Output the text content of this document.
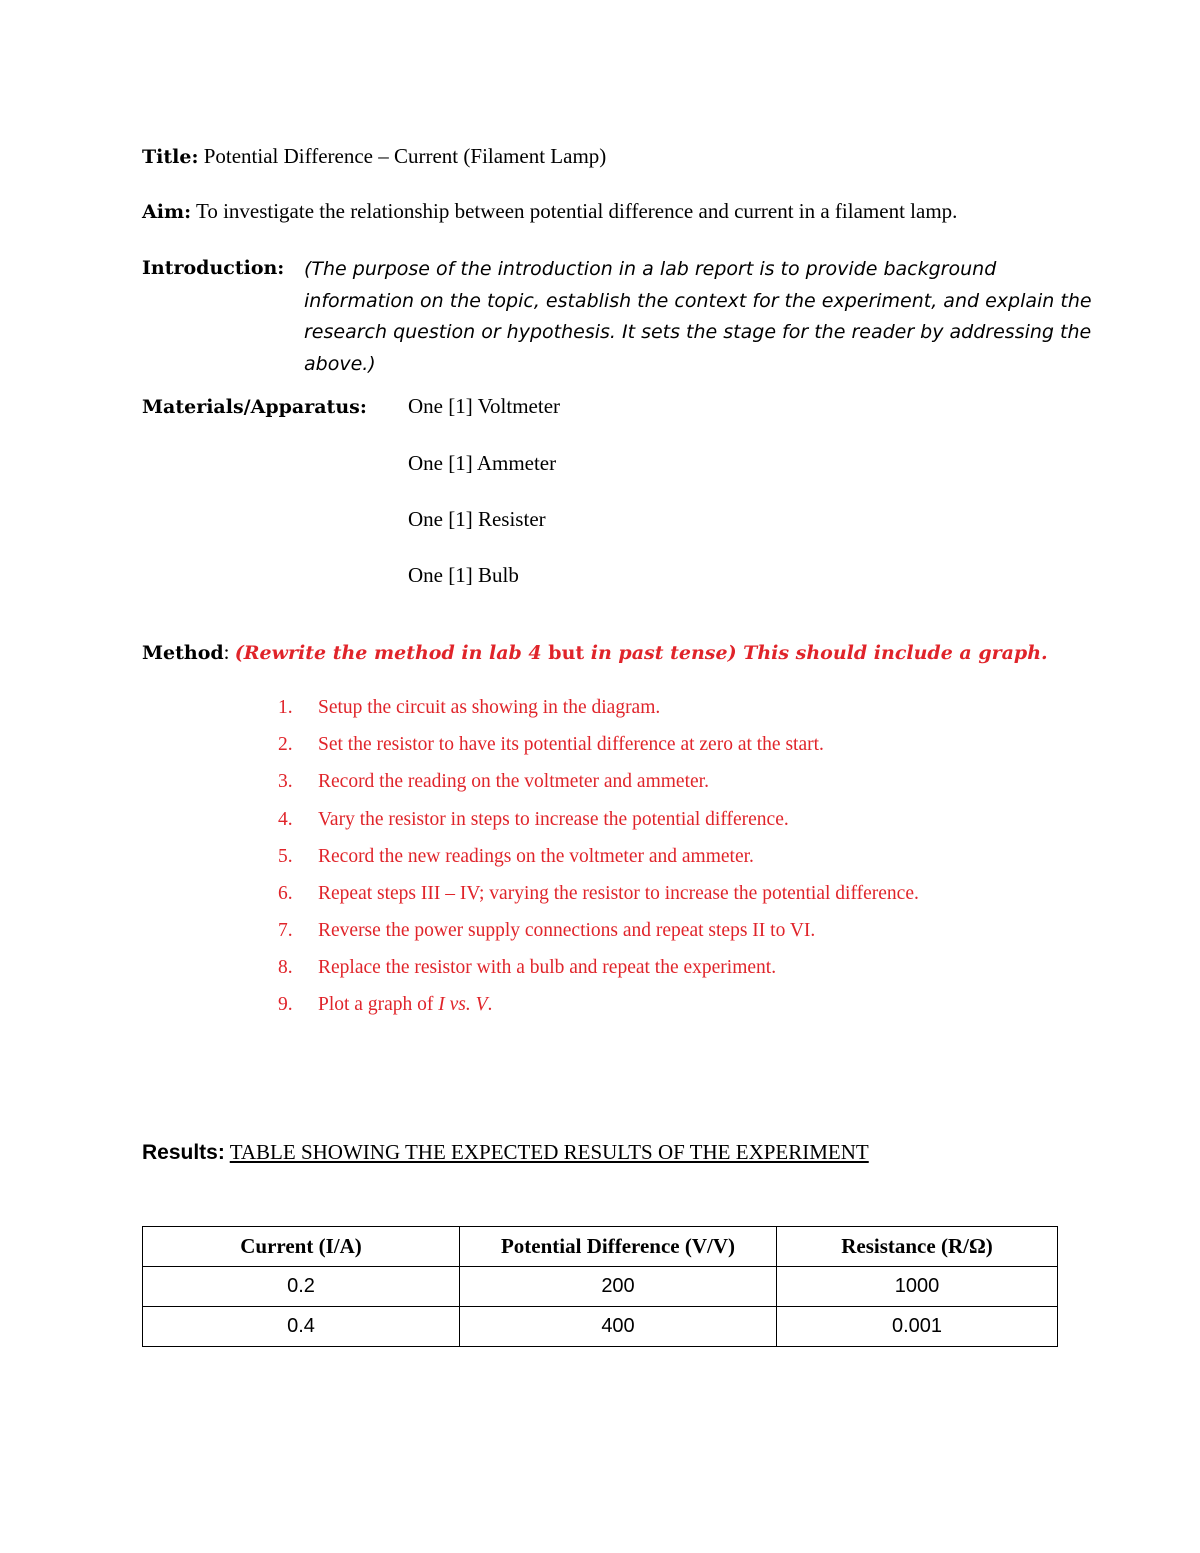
Title: Potential Difference – Current (Filament Lamp)
Aim: To investigate the relationship between potential difference and current in a filament lamp.
Introduction: (The purpose of the introduction in a lab report is to provide background information on the topic, establish the context for the experiment, and explain the research question or hypothesis. It sets the stage for the reader by addressing the above.)
Materials/Apparatus: One [1] Voltmeter
One [1] Ammeter
One [1] Resister
One [1] Bulb
Method: (Rewrite the method in lab 4 but in past tense) This should include a graph.
1. Setup the circuit as showing in the diagram.
2. Set the resistor to have its potential difference at zero at the start.
3. Record the reading on the voltmeter and ammeter.
4. Vary the resistor in steps to increase the potential difference.
5. Record the new readings on the voltmeter and ammeter.
6. Repeat steps III – IV; varying the resistor to increase the potential difference.
7. Reverse the power supply connections and repeat steps II to VI.
8. Replace the resistor with a bulb and repeat the experiment.
9. Plot a graph of I vs. V.
Results: TABLE SHOWING THE EXPECTED RESULTS OF THE EXPERIMENT
Current (I/A)	Potential Difference (V/V)	Resistance (R/Ω)
0.2	200	1000
0.4	400	0.001
